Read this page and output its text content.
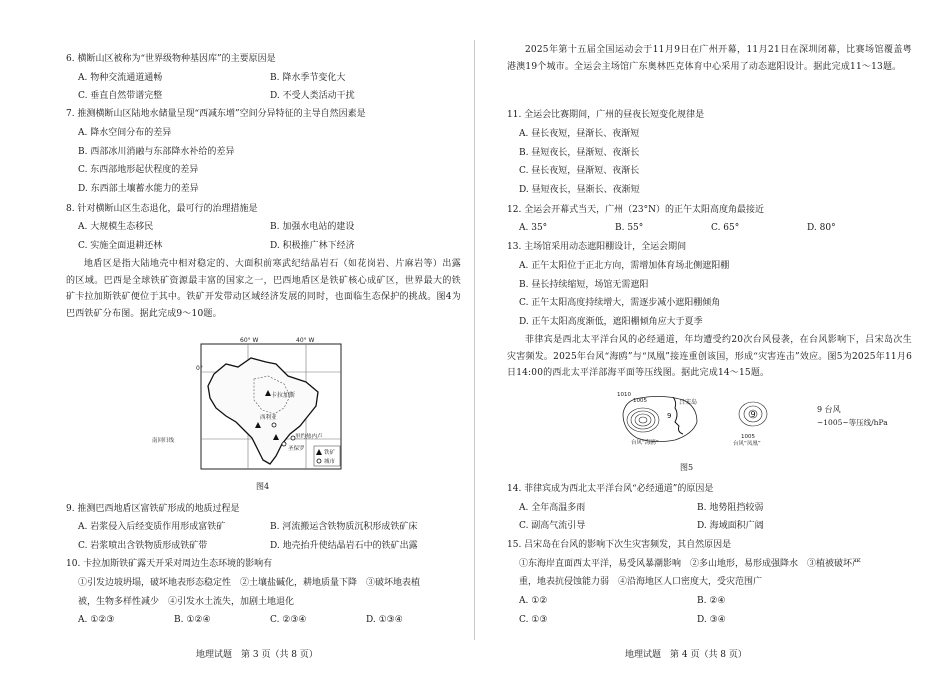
6. 横断山区被称为“世界级物种基因库”的主要原因是
A. 物种交流通道通畅	B. 降水季节变化大
C. 垂直自然带谱完整	D. 不受人类活动干扰
7. 推测横断山区陆地水储量呈现“西减东增”空间分异特征的主导自然因素是
A. 降水空间分布的差异
B. 西部冰川消融与东部降水补给的差异
C. 东西部地形起伏程度的差异
D. 东西部土壤蓄水能力的差异
8. 针对横断山区生态退化，最可行的治理措施是
A. 大规模生态移民	B. 加强水电站的建设
C. 实施全面退耕还林	D. 积极推广林下经济
地盾区是指大陆地壳中相对稳定的、大面积前寒武纪结晶岩石（如花岗岩、片麻岩等）出露的区域。巴西是全球铁矿资源最丰富的国家之一，巴西地盾区是铁矿核心成矿区，世界最大的铁矿卡拉加斯铁矿便位于其中。铁矿开发带动区域经济发展的同时，也面临生态保护的挑战。图4为巴西铁矿分布图。据此完成9～10题。
60° W	40° W
0°
卡拉加斯
西利亚
里约热内卢
圣保罗
南回归线
铁矿
城市
图4
9. 推测巴西地盾区富铁矿形成的地质过程是
A. 岩浆侵入后经变质作用形成富铁矿	B. 河流搬运含铁物质沉积形成铁矿床
C. 岩浆喷出含铁物质形成铁矿带	D. 地壳抬升使结晶岩石中的铁矿出露
10. 卡拉加斯铁矿露天开采对周边生态环境的影响有
①引发边坡坍塌，破坏地表形态稳定性　②土壤盐碱化，耕地质量下降　③破坏地表植
被，生物多样性减少　④引发水土流失，加剧土地退化
A. ①②③	B. ①②④	C. ②③④	D. ①③④
地理试题　第 3 页（共 8 页）
2025年第十五届全国运动会于11月9日在广州开幕，11月21日在深圳闭幕，比赛场馆覆盖粤港澳19个城市。全运会主场馆广东奥林匹克体育中心采用了动态遮阳设计。据此完成11～13题。
11. 全运会比赛期间，广州的昼夜长短变化规律是
A. 昼长夜短，昼渐长、夜渐短
B. 昼短夜长，昼渐短、夜渐长
C. 昼长夜短，昼渐短、夜渐长
D. 昼短夜长，昼渐长、夜渐短
12. 全运会开幕式当天，广州（23°N）的正午太阳高度角最接近
A. 35°	B. 55°	C. 65°	D. 80°
13. 主场馆采用动态遮阳棚设计，全运会期间
A. 正午太阳位于正北方向，需增加体育场北侧遮阳棚
B. 昼长持续缩短，场馆无需遮阳
C. 正午太阳高度持续增大，需逐步减小遮阳棚倾角
D. 正午太阳高度渐低，遮阳棚倾角应大于夏季
菲律宾是西北太平洋台风的必经通道，年均遭受约20次台风侵袭，在台风影响下，吕宋岛次生灾害频发。2025年台风“海鸥”与“凤凰”接连重创该国，形成“灾害连击”效应。图5为2025年11月6日14:00的西北太平洋部海平面等压线图。据此完成14～15题。
1005
1010
吕宋岛
台风“海鸥”
9
1005
台风“凤凰”
9
9 台风
~1005~等压线/hPa
图5
14. 菲律宾成为西北太平洋台风“必经通道”的原因是
A. 全年高温多雨	B. 地势阻挡较弱
C. 副高气流引导	D. 海域面积广阔
15. 吕宋岛在台风的影响下次生灾害频发，其自然原因是
①东海岸直面西太平洋，易受风暴潮影响　②多山地形，易形成强降水　③植被破坏严
重，地表抗侵蚀能力弱　④沿海地区人口密度大，受灾范围广
A. ①②	B. ②④
C. ①③	D. ③④
地理试题　第 4 页（共 8 页）
